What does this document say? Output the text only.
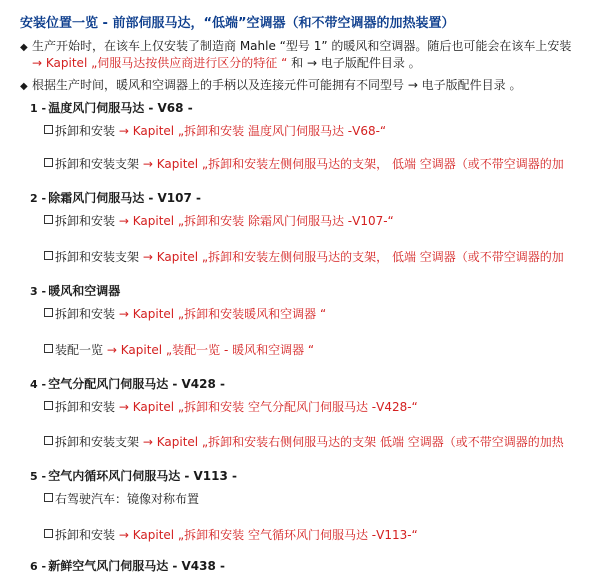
安装位置一览 - 前部伺服马达，“低端”空调器（和不带空调器的加热装置）
◆ 生产开始时，在该车上仅安装了制造商 Mahle “型号 1” 的暖风和空调器。随后也可能会在该车上安装
→ Kapitel „伺服马达按供应商进行区分的特征 “ 和 → 电子版配件目录 。
◆ 根据生产时间，暖风和空调器上的手柄以及连接元件可能拥有不同型号 → 电子版配件目录 。
1 - 温度风门伺服马达 - V68 -
拆卸和安装 → Kapitel „拆卸和安装 温度风门伺服马达 -V68-“
拆卸和安装支架 → Kapitel „拆卸和安装左侧伺服马达的支架， 低端 空调器（或不带空调器的加
2 - 除霜风门伺服马达 - V107 -
拆卸和安装 → Kapitel „拆卸和安装 除霜风门伺服马达 -V107-“
拆卸和安装支架 → Kapitel „拆卸和安装左侧伺服马达的支架， 低端 空调器（或不带空调器的加
3 - 暖风和空调器
拆卸和安装 → Kapitel „拆卸和安装暖风和空调器 “
装配一览 → Kapitel „装配一览 - 暖风和空调器 “
4 - 空气分配风门伺服马达 - V428 -
拆卸和安装 → Kapitel „拆卸和安装 空气分配风门伺服马达 -V428-“
拆卸和安装支架 → Kapitel „拆卸和安装右侧伺服马达的支架 低端 空调器（或不带空调器的加热
5 - 空气内循环风门伺服马达 - V113 -
右驾驶汽车：镜像对称布置
拆卸和安装 → Kapitel „拆卸和安装 空气循环风门伺服马达 -V113-“
6 - 新鲜空气风门伺服马达 - V438 -
